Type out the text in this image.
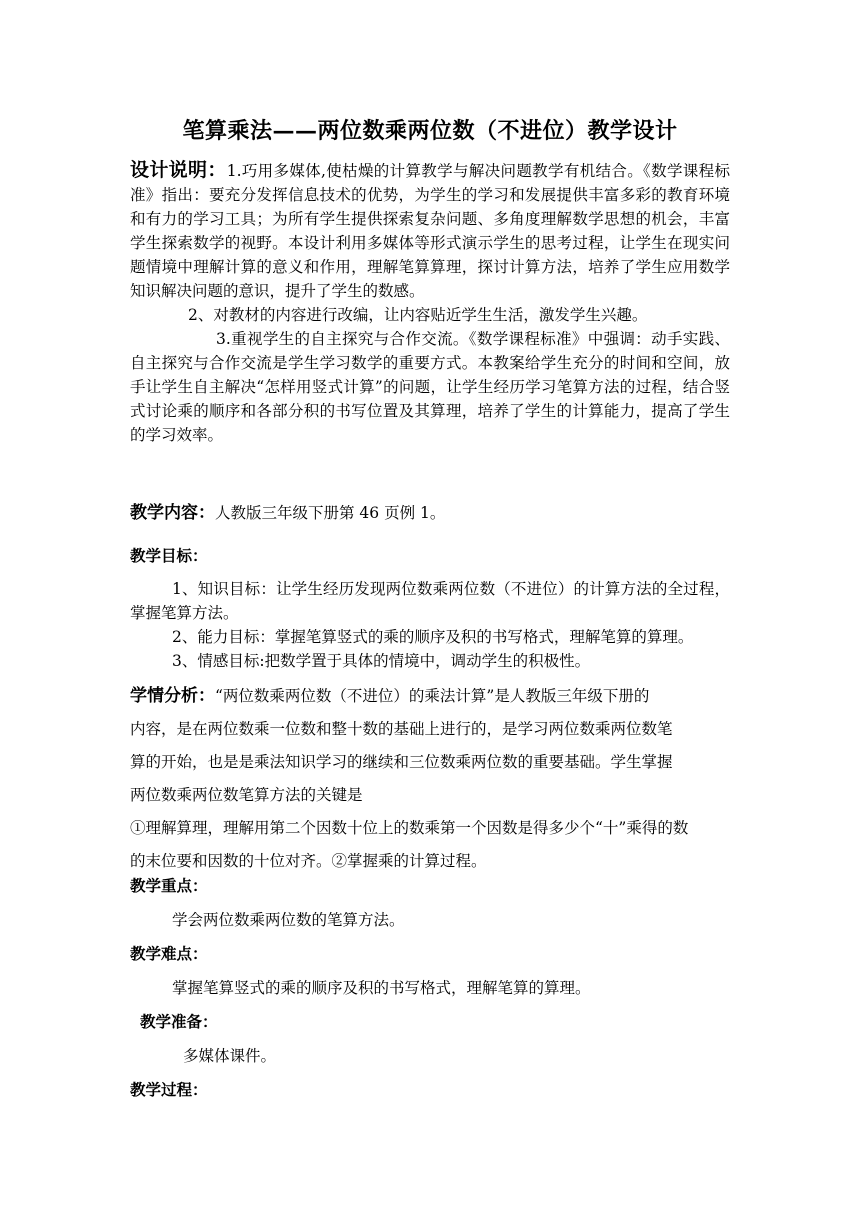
笔算乘法——两位数乘两位数（不进位）教学设计

设计说明：1.巧用多媒体,使枯燥的计算教学与解决问题教学有机结合。《数学课程标准》指出：要充分发挥信息技术的优势，为学生的学习和发展提供丰富多彩的教育环境和有力的学习工具；为所有学生提供探索复杂问题、多角度理解数学思想的机会，丰富学生探索数学的视野。本设计利用多媒体等形式演示学生的思考过程，让学生在现实问题情境中理解计算的意义和作用，理解笔算算理，探讨计算方法，培养了学生应用数学知识解决问题的意识，提升了学生的数感。

2、对教材的内容进行改编，让内容贴近学生生活，激发学生兴趣。

3.重视学生的自主探究与合作交流。《数学课程标准》中强调：动手实践、自主探究与合作交流是学生学习数学的重要方式。本教案给学生充分的时间和空间，放手让学生自主解决“怎样用竖式计算”的问题，让学生经历学习笔算方法的过程，结合竖式讨论乘的顺序和各部分积的书写位置及其算理，培养了学生的计算能力，提高了学生的学习效率。

教学内容：人教版三年级下册第 46 页例 1。
教学目标：

1、知识目标：让学生经历发现两位数乘两位数（不进位）的计算方法的全过程，掌握笔算方法。

2、能力目标：掌握笔算竖式的乘的顺序及积的书写格式，理解笔算的算理。

3、情感目标:把数学置于具体的情境中，调动学生的积极性。

学情分析：“两位数乘两位数（不进位）的乘法计算”是人教版三年级下册的
内容，是在两位数乘一位数和整十数的基础上进行的，是学习两位数乘两位数笔
算的开始，也是是乘法知识学习的继续和三位数乘两位数的重要基础。学生掌握
两位数乘两位数笔算方法的关键是
①理解算理，理解用第二个因数十位上的数乘第一个因数是得多少个“十”乘得的数
的末位要和因数的十位对齐。②掌握乘的计算过程。
教学重点：
学会两位数乘两位数的笔算方法。
教学难点：
掌握笔算竖式的乘的顺序及积的书写格式，理解笔算的算理。
教学准备：
多媒体课件。
教学过程：
